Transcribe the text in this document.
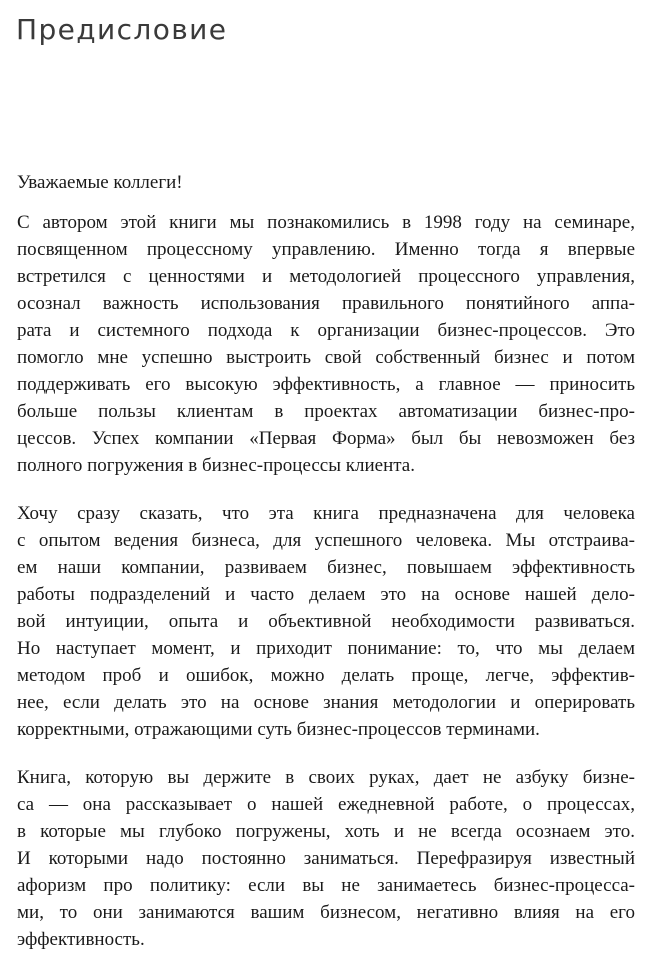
Предисловие

Уважаемые коллеги!

С автором этой книги мы познакомились в 1998 году на семинаре,
посвященном процессному управлению. Именно тогда я впервые
встретился с ценностями и методологией процессного управления,
осознал важность использования правильного понятийного аппа-
рата и системного подхода к организации бизнес-процессов. Это
помогло мне успешно выстроить свой собственный бизнес и потом
поддерживать его высокую эффективность, а главное — приносить
больше пользы клиентам в проектах автоматизации бизнес-про-
цессов. Успех компании «Первая Форма» был бы невозможен без
полного погружения в бизнес-процессы клиента.

Хочу сразу сказать, что эта книга предназначена для человека
с опытом ведения бизнеса, для успешного человека. Мы отстраива-
ем наши компании, развиваем бизнес, повышаем эффективность
работы подразделений и часто делаем это на основе нашей делo-
вой интуиции, опыта и объективной необходимости развиваться.
Но наступает момент, и приходит понимание: то, что мы делаем
методом проб и ошибок, можно делать проще, легче, эффектив-
нее, если делать это на основе знания методологии и оперировать
корректными, отражающими суть бизнес-процессов терминами.

Книга, которую вы держите в своих руках, дает не азбуку бизне-
са — она рассказывает о нашей ежедневной работе, о процессах,
в которые мы глубоко погружены, хоть и не всегда осознаем это.
И которыми надо постоянно заниматься. Перефразируя известный
афоризм про политику: если вы не занимаетесь бизнес-процесса-
ми, то они занимаются вашим бизнесом, негативно влияя на его
эффективность.
